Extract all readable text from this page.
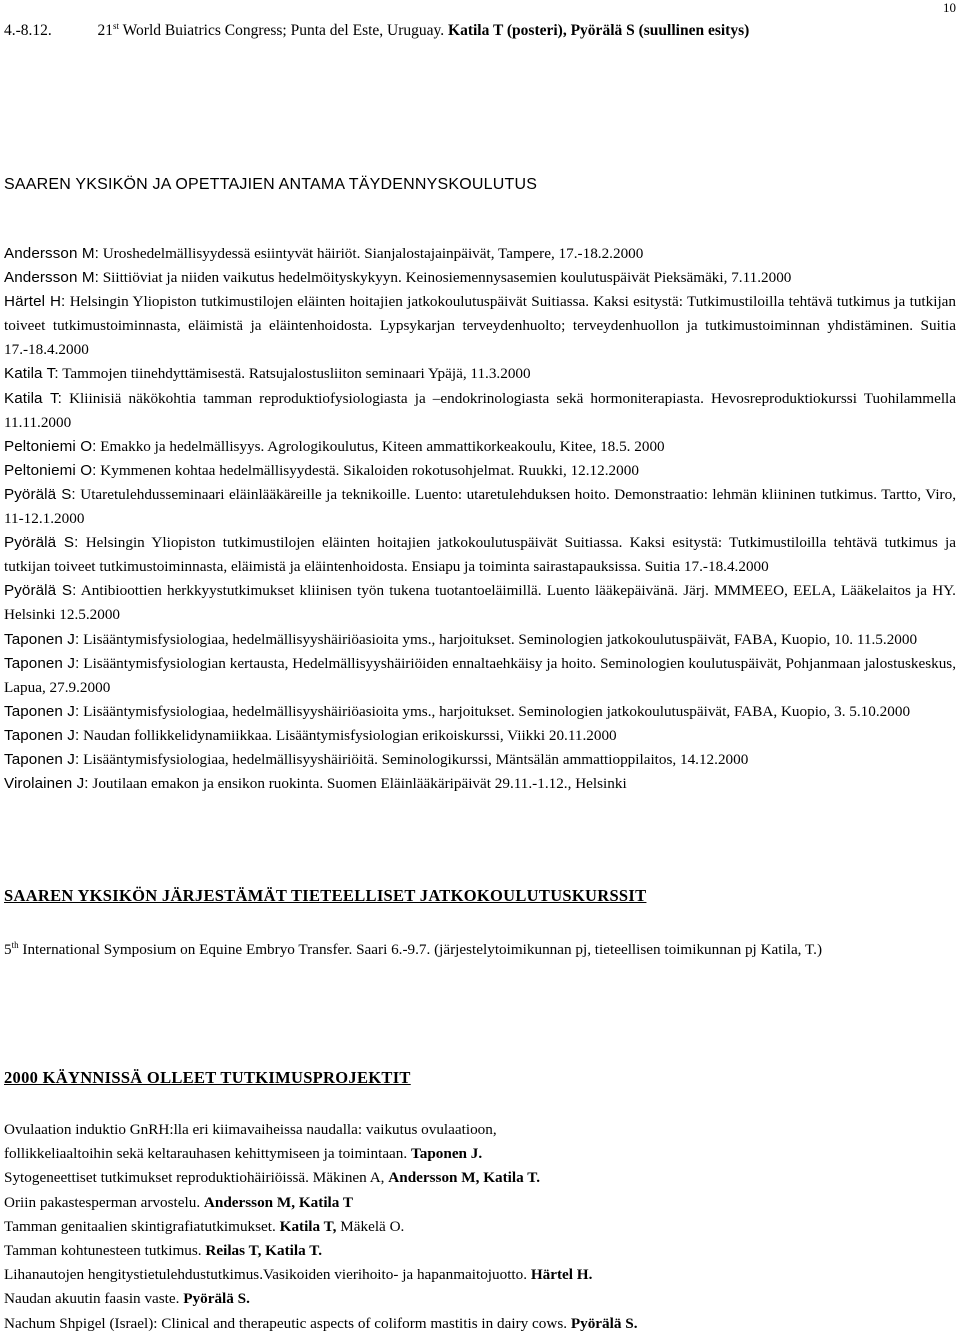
10
4.-8.12.	21st World Buiatrics Congress; Punta del Este, Uruguay. Katila T (posteri), Pyörälä S (suullinen esitys)
SAAREN YKSIKÖN JA OPETTAJIEN ANTAMA TÄYDENNYSKOULUTUS
Andersson M: Uroshedelmällisyydessä esiintyvät häiriöt. Sianjalostajainpäivät, Tampere, 17.-18.2.2000
Andersson M: Siittiöviat ja niiden vaikutus hedelmöityskykyyn. Keinosiemennysasemien koulutuspäivät Pieksämäki, 7.11.2000
Härtel H: Helsingin Yliopiston tutkimustilojen eläinten hoitajien jatkokoulutuspäivät Suitiassa. Kaksi esitystä: Tutkimustiloilla tehtävä tutkimus ja tutkijan toiveet tutkimustoiminnasta, eläimistä ja eläintenhoidosta. Lypsykarjan terveydenhuolto; terveydenhuollon ja tutkimustoiminnan yhdistäminen. Suitia 17.-18.4.2000
Katila T: Tammojen tiinehdyttämisestä. Ratsujalostusliiton seminaari Ypäjä, 11.3.2000
Katila T: Kliinisiä näkökohtia tamman reproduktiofysiologiasta ja –endokrinologiasta sekä hormoniterapiasta. Hevosreproduktiokurssi Tuohilammella 11.11.2000
Peltoniemi O: Emakko ja hedelmällisyys. Agrologikoulutus, Kiteen ammattikorkeakoulu, Kitee, 18.5. 2000
Peltoniemi O: Kymmenen kohtaa hedelmällisyydestä. Sikaloiden rokotusohjelmat. Ruukki, 12.12.2000
Pyörälä S: Utaretulehdusseminaari eläinlääkäreille ja teknikoille. Luento: utaretulehduksen hoito. Demonstraatio: lehmän kliininen tutkimus. Tartto, Viro, 11-12.1.2000
Pyörälä S: Helsingin Yliopiston tutkimustilojen eläinten hoitajien jatkokoulutuspäivät Suitiassa. Kaksi esitystä: Tutkimustiloilla tehtävä tutkimus ja tutkijan toiveet tutkimustoiminnasta, eläimistä ja eläintenhoidosta. Ensiapu ja toiminta sairastapauksissa. Suitia 17.-18.4.2000
Pyörälä S: Antibioottien herkkyystutkimukset kliinisen työn tukena tuotantoeläimillä. Luento lääkepäivänä. Järj. MMMEEO, EELA, Lääkelaitos ja HY. Helsinki 12.5.2000
Taponen J: Lisääntymisfysiologiaa, hedelmällisyyshäiriöasioita yms., harjoitukset. Seminologien jatkokoulutuspäivät, FABA, Kuopio, 10. 11.5.2000
Taponen J: Lisääntymisfysiologian kertausta, Hedelmällisyyshäiriöiden ennaltaehkäisy ja hoito. Seminologien koulutuspäivät, Pohjanmaan jalostuskeskus, Lapua, 27.9.2000
Taponen J: Lisääntymisfysiologiaa, hedelmällisyyshäiriöasioita yms., harjoitukset. Seminologien jatkokoulutuspäivät, FABA, Kuopio, 3. 5.10.2000
Taponen J: Naudan follikkelidynamiikkaa. Lisääntymisfysiologian erikoiskurssi, Viikki 20.11.2000
Taponen J: Lisääntymisfysiologiaa, hedelmällisyyshäiriöitä. Seminologikurssi, Mäntsälän ammattioppilaitos, 14.12.2000
Virolainen J: Joutilaan emakon ja ensikon ruokinta. Suomen Eläinlääkäripäivät 29.11.-1.12., Helsinki
SAAREN YKSIKÖN JÄRJESTÄMÄT TIETEELLISET JATKOKOULUTUSKURSSIT
5th International Symposium on Equine Embryo Transfer. Saari 6.-9.7. (järjestelytoimikunnan pj, tieteellisen toimikunnan pj Katila, T.)
2000 KÄYNNISSÄ OLLEET TUTKIMUSPROJEKTIT
Ovulaation induktio GnRH:lla eri kiimavaiheissa naudalla: vaikutus ovulaatioon,
follikkeliaaltoihin sekä keltarauhasen kehittymiseen ja toimintaan. Taponen J.
Sytogeneettiset tutkimukset reproduktiohäiriöissä. Mäkinen A, Andersson M, Katila T.
Oriin pakastesperman arvostelu. Andersson M, Katila T
Tamman genitaalien skintigrafiatutkimukset. Katila T, Mäkelä O.
Tamman kohtunesteen tutkimus. Reilas T, Katila T.
Lihanautojen hengitystietulehdustutkimus.Vasikoiden vierihoito- ja hapanmaitojuotto. Härtel H.
Naudan akuutin faasin vaste. Pyörälä S.
Nachum Shpigel (Israel): Clinical and therapeutic aspects of coliform mastitis in dairy cows. Pyörälä S.
